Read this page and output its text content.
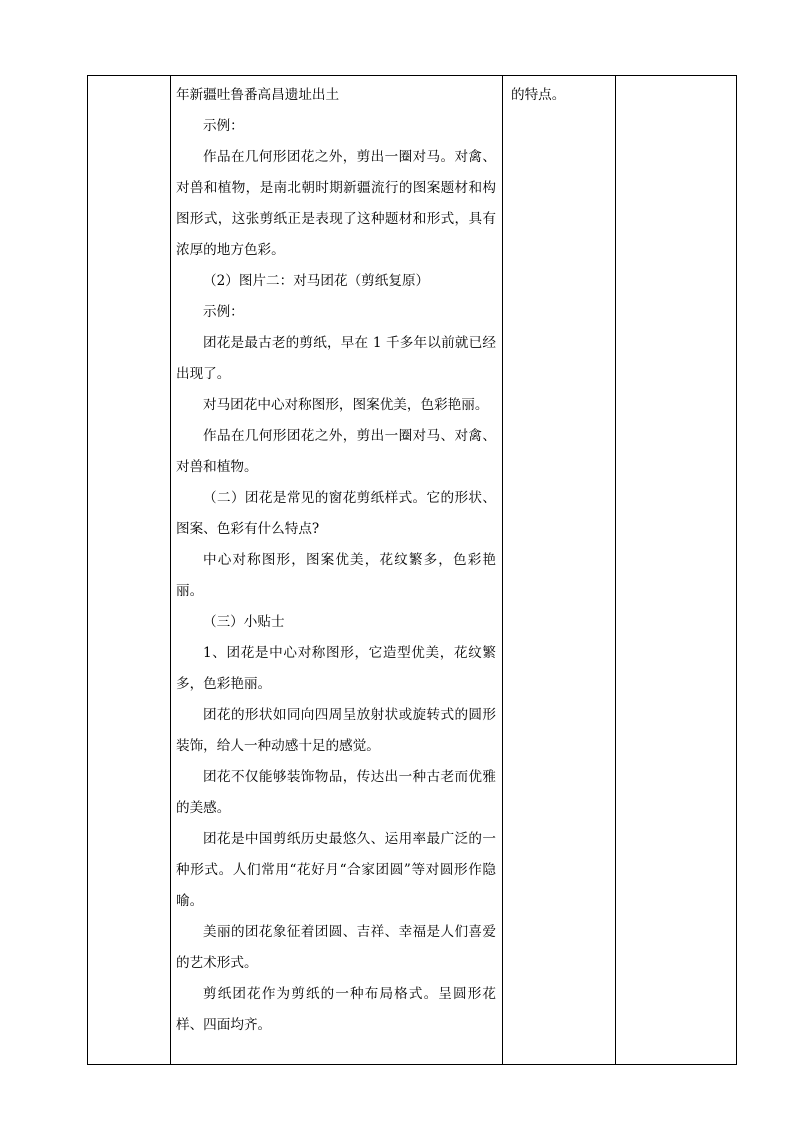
年新疆吐鲁番高昌遗址出土

示例：

作品在几何形团花之外，剪出一圈对马。对禽、对兽和植物，是南北朝时期新疆流行的图案题材和构图形式，这张剪纸正是表现了这种题材和形式，具有浓厚的地方色彩。

（2）图片二：对马团花（剪纸复原）

示例：

团花是最古老的剪纸，早在 1 千多年以前就已经出现了。

对马团花中心对称图形，图案优美，色彩艳丽。

作品在几何形团花之外，剪出一圈对马、对禽、对兽和植物。

（二）团花是常见的窗花剪纸样式。它的形状、图案、色彩有什么特点?

中心对称图形，图案优美，花纹繁多，色彩艳丽。

（三）小贴士

1、团花是中心对称图形，它造型优美，花纹繁多，色彩艳丽。

团花的形状如同向四周呈放射状或旋转式的圆形装饰，给人一种动感十足的感觉。

团花不仅能够装饰物品，传达出一种古老而优雅的美感。

团花是中国剪纸历史最悠久、运用率最广泛的一种形式。人们常用“花好月“合家团圆”等对圆形作隐喻。

美丽的团花象征着团圆、吉祥、幸福是人们喜爱的艺术形式。

剪纸团花作为剪纸的一种布局格式。呈圆形花样、四面均齐。

的特点。
